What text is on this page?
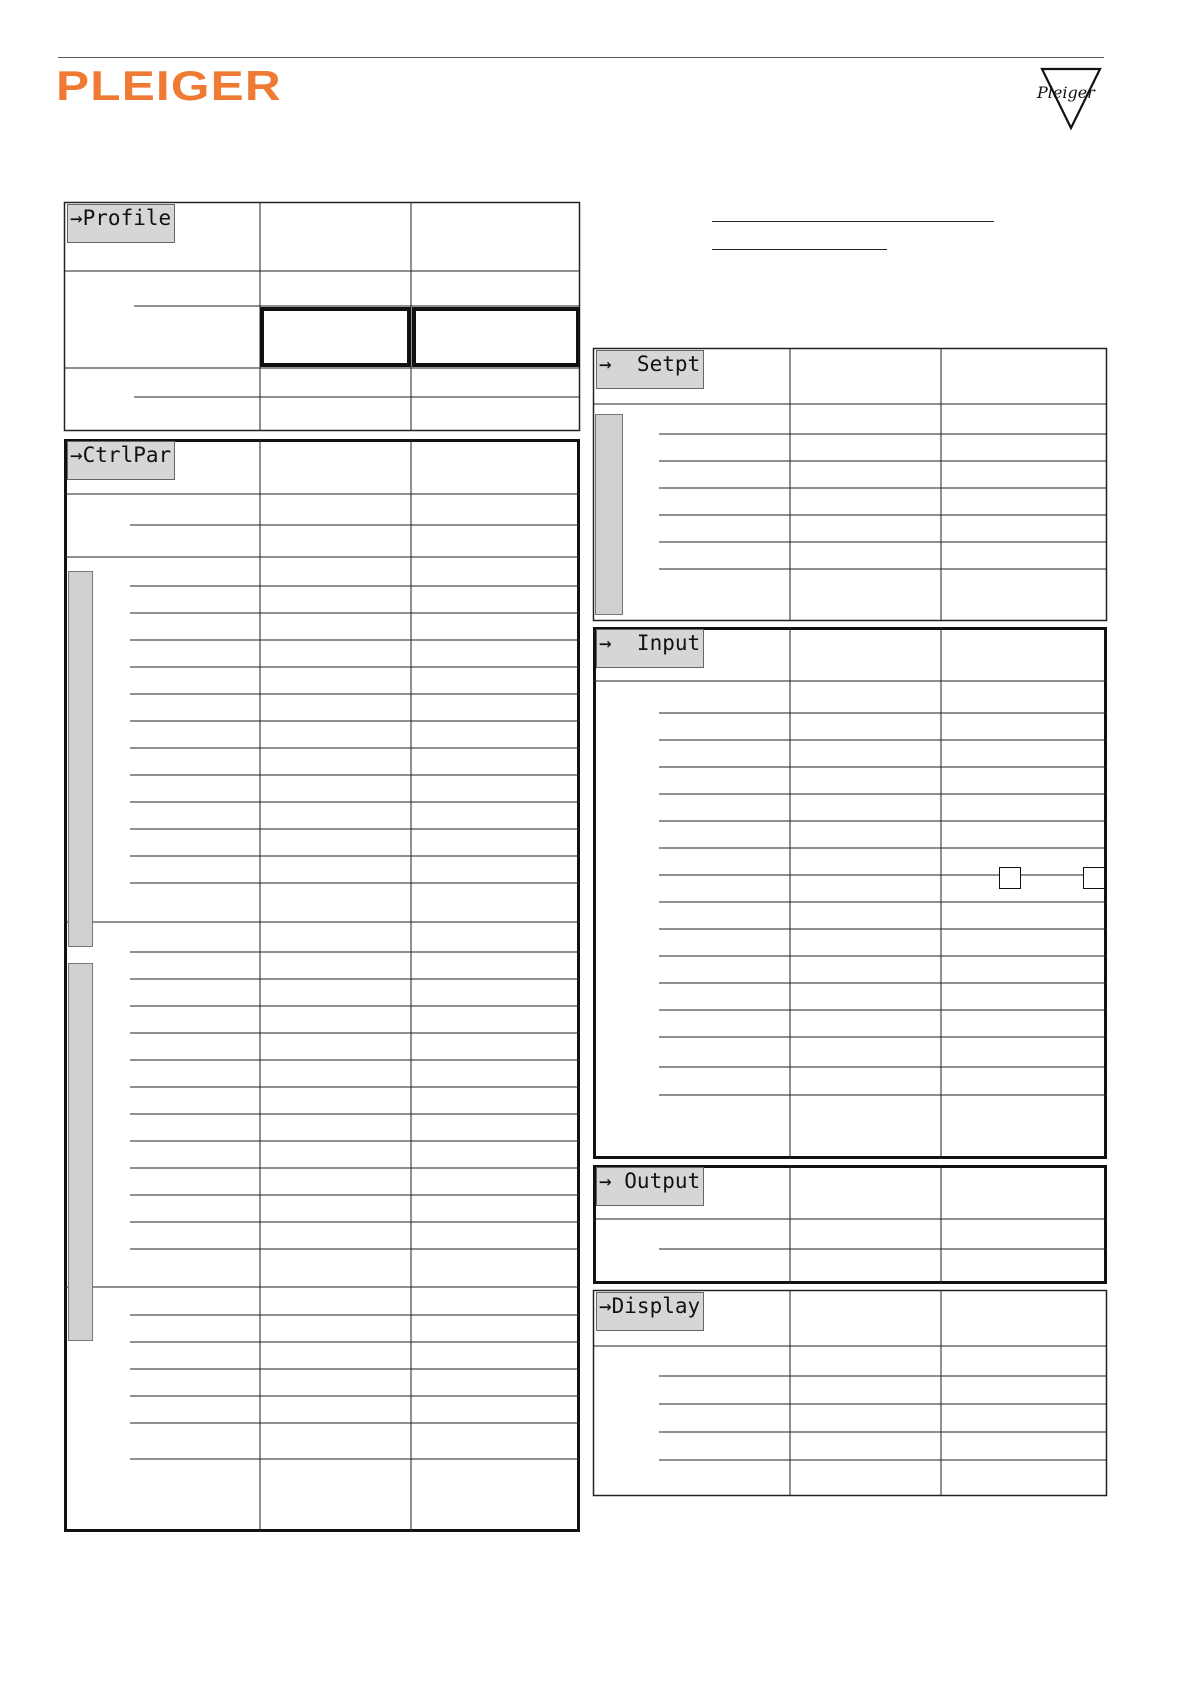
PLEIGER	Pleiger
→Profile
→CtrlPar
→  Setpt
→  Input
→ Output
→Display
